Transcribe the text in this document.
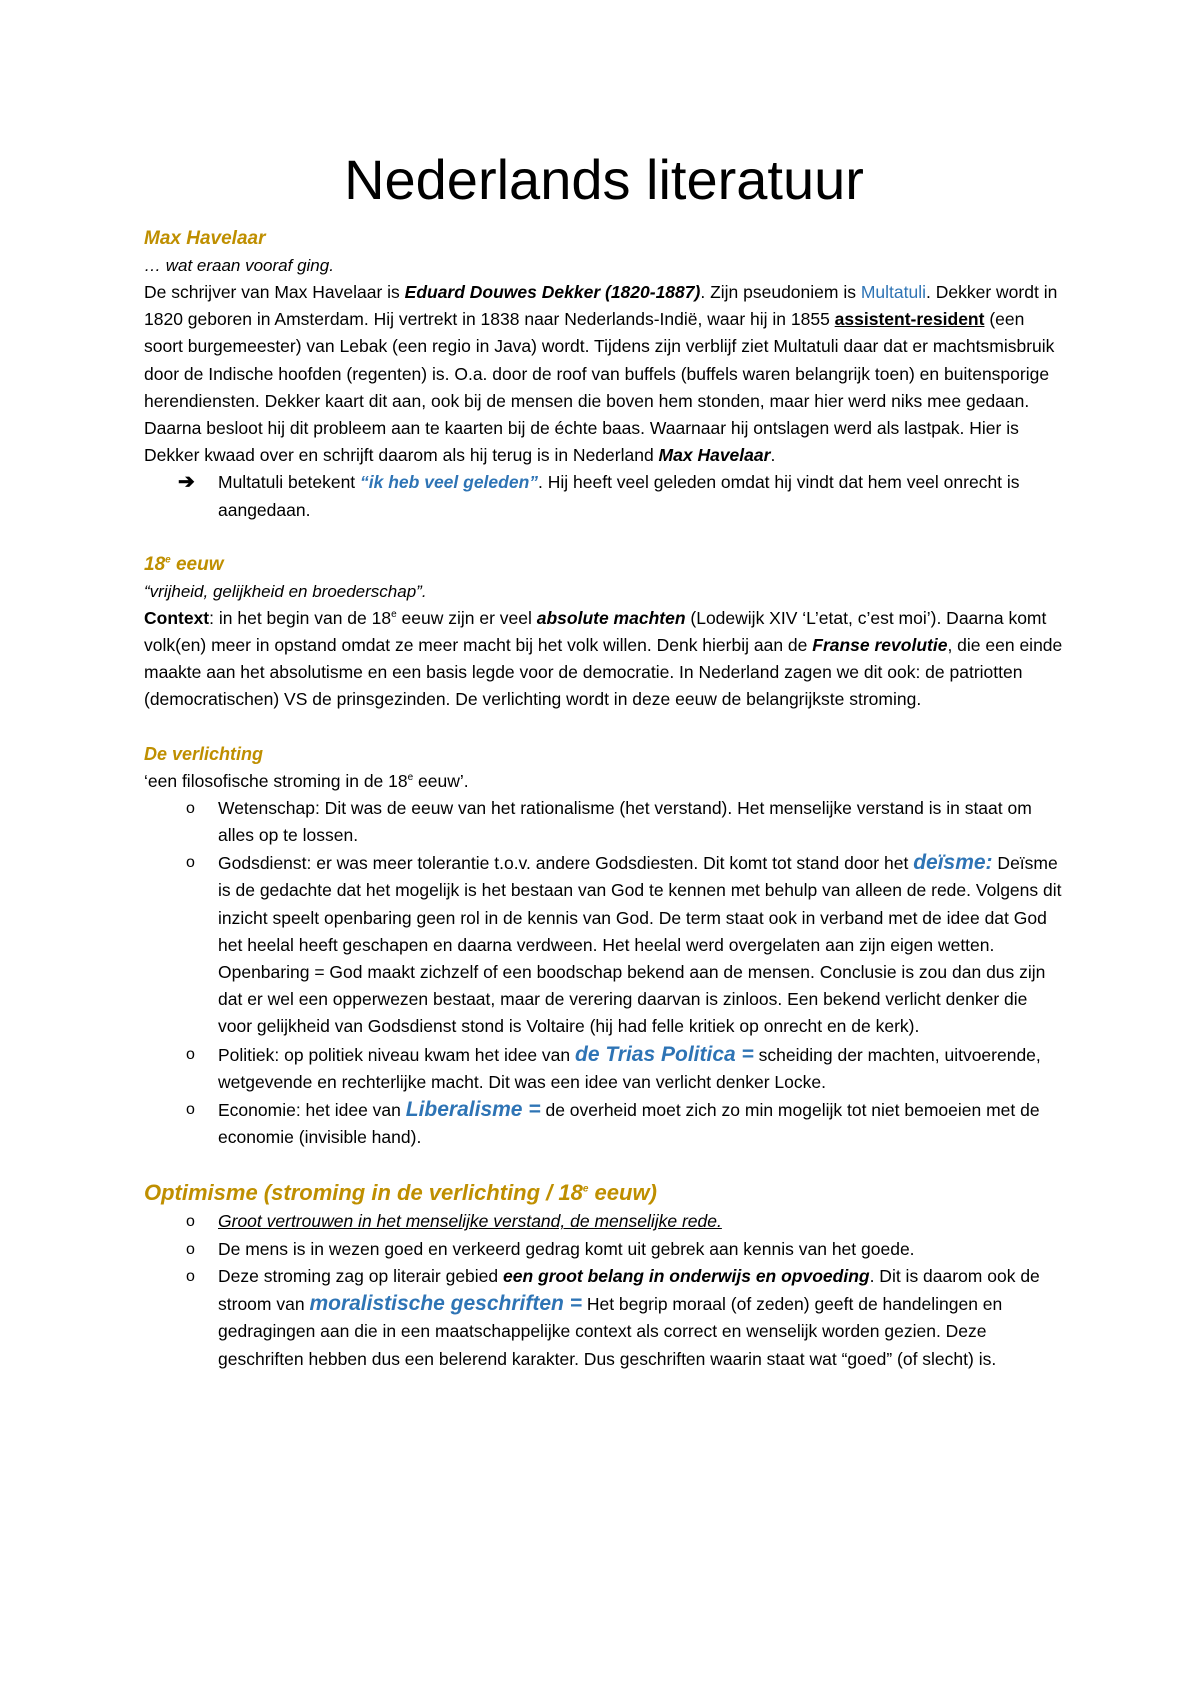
Nederlands literatuur
Max Havelaar
… wat eraan vooraf ging.

De schrijver van Max Havelaar is Eduard Douwes Dekker (1820-1887). Zijn pseudoniem is Multatuli. Dekker wordt in 1820 geboren in Amsterdam. Hij vertrekt in 1838 naar Nederlands-Indië, waar hij in 1855 assistent-resident (een soort burgemeester) van Lebak (een regio in Java) wordt. Tijdens zijn verblijf ziet Multatuli daar dat er machtsmisbruik door de Indische hoofden (regenten) is. O.a. door de roof van buffels (buffels waren belangrijk toen) en buitensporige herendiensten. Dekker kaart dit aan, ook bij de mensen die boven hem stonden, maar hier werd niks mee gedaan. Daarna besloot hij dit probleem aan te kaarten bij de échte baas. Waarnaar hij ontslagen werd als lastpak. Hier is Dekker kwaad over en schrijft daarom als hij terug is in Nederland Max Havelaar.

➔ Multatuli betekent “ik heb veel geleden”. Hij heeft veel geleden omdat hij vindt dat hem veel onrecht is aangedaan.
18e eeuw
“vrijheid, gelijkheid en broederschap”.

Context: in het begin van de 18e eeuw zijn er veel absolute machten (Lodewijk XIV ‘L’etat, c’est moi’). Daarna komt volk(en) meer in opstand omdat ze meer macht bij het volk willen. Denk hierbij aan de Franse revolutie, die een einde maakte aan het absolutisme en een basis legde voor de democratie. In Nederland zagen we dit ook: de patriotten (democratischen) VS de prinsgezinden. De verlichting wordt in deze eeuw de belangrijkste stroming.

De verlichting

‘een filosofische stroming in de 18e eeuw’.

o Wetenschap: Dit was de eeuw van het rationalisme (het verstand). Het menselijke verstand is in staat om alles op te lossen.
o Godsdienst: er was meer tolerantie t.o.v. andere Godsdiesten. Dit komt tot stand door het deïsme: Deïsme is de gedachte dat het mogelijk is het bestaan van God te kennen met behulp van alleen de rede. Volgens dit inzicht speelt openbaring geen rol in de kennis van God. De term staat ook in verband met de idee dat God het heelal heeft geschapen en daarna verdween. Het heelal werd overgelaten aan zijn eigen wetten. Openbaring = God maakt zichzelf of een boodschap bekend aan de mensen. Conclusie is zou dan dus zijn dat er wel een opperwezen bestaat, maar de verering daarvan is zinloos. Een bekend verlicht denker die voor gelijkheid van Godsdienst stond is Voltaire (hij had felle kritiek op onrecht en de kerk).
o Politiek: op politiek niveau kwam het idee van de Trias Politica = scheiding der machten, uitvoerende, wetgevende en rechterlijke macht. Dit was een idee van verlicht denker Locke.
o Economie: het idee van Liberalisme = de overheid moet zich zo min mogelijk tot niet bemoeien met de economie (invisible hand).
Optimisme (stroming in de verlichting / 18e eeuw)
o Groot vertrouwen in het menselijke verstand, de menselijke rede.
o De mens is in wezen goed en verkeerd gedrag komt uit gebrek aan kennis van het goede.
o Deze stroming zag op literair gebied een groot belang in onderwijs en opvoeding. Dit is daarom ook de stroom van moralistische geschriften = Het begrip moraal (of zeden) geeft de handelingen en gedragingen aan die in een maatschappelijke context als correct en wenselijk worden gezien. Deze geschriften hebben dus een belerend karakter. Dus geschriften waarin staat wat “goed” (of slecht) is.
